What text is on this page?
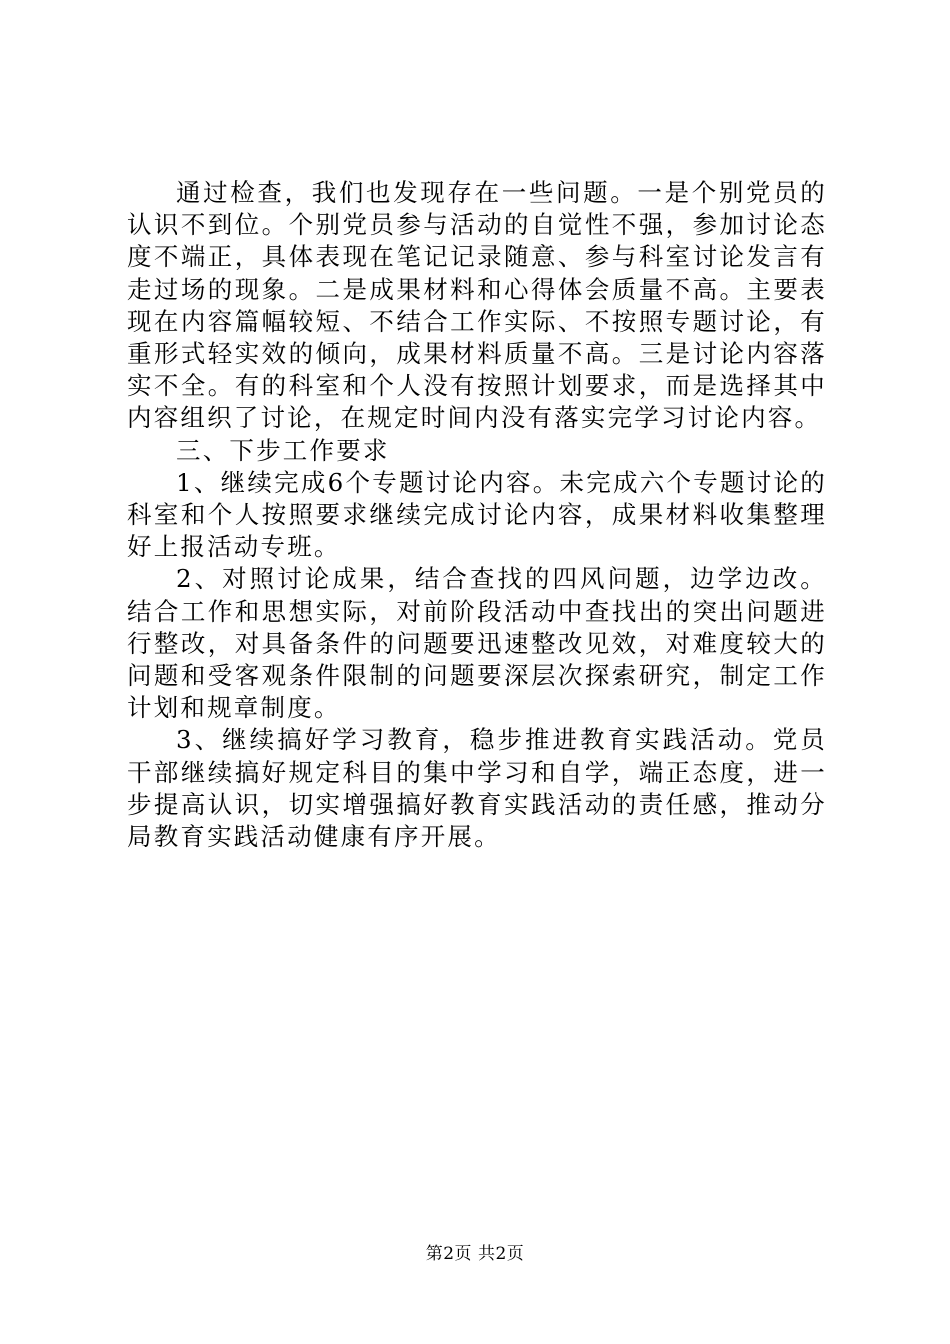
通过检查，我们也发现存在一些问题。一是个别党员的认识不到位。个别党员参与活动的自觉性不强，参加讨论态度不端正，具体表现在笔记记录随意、参与科室讨论发言有走过场的现象。二是成果材料和心得体会质量不高。主要表现在内容篇幅较短、不结合工作实际、不按照专题讨论，有重形式轻实效的倾向，成果材料质量不高。三是讨论内容落实不全。有的科室和个人没有按照计划要求，而是选择其中内容组织了讨论，在规定时间内没有落实完学习讨论内容。

三、下步工作要求

1、继续完成6个专题讨论内容。未完成六个专题讨论的科室和个人按照要求继续完成讨论内容，成果材料收集整理好上报活动专班。

2、对照讨论成果，结合查找的四风问题，边学边改。结合工作和思想实际，对前阶段活动中查找出的突出问题进行整改，对具备条件的问题要迅速整改见效，对难度较大的问题和受客观条件限制的问题要深层次探索研究，制定工作计划和规章制度。

3、继续搞好学习教育，稳步推进教育实践活动。党员干部继续搞好规定科目的集中学习和自学，端正态度，进一步提高认识，切实增强搞好教育实践活动的责任感，推动分局教育实践活动健康有序开展。

第2页 共2页
